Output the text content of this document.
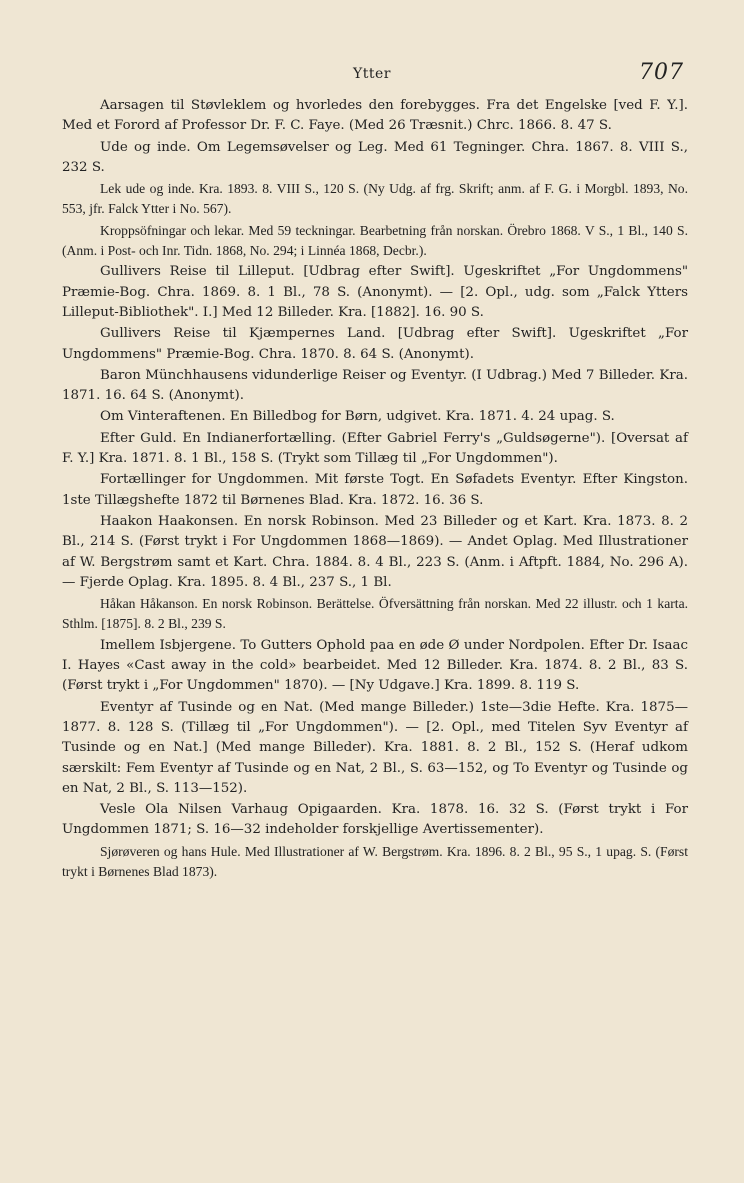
Ytter	707

Aarsagen til Støvleklem og hvorledes den forebygges. Fra det Engelske [ved F. Y.]. Med et Forord af Professor Dr. F. C. Faye. (Med 26 Træsnit.) Chrc. 1866. 8. 47 S.

Ude og inde. Om Legemsøvelser og Leg. Med 61 Tegninger. Chra. 1867. 8. VIII S., 232 S.

Lek ude og inde. Kra. 1893. 8. VIII S., 120 S. (Ny Udg. af frg. Skrift; anm. af F. G. i Morgbl. 1893, No. 553, jfr. Falck Ytter i No. 567).

Kroppsöfningar och lekar. Med 59 teckningar. Bearbetning från norskan. Örebro 1868. V S., 1 Bl., 140 S. (Anm. i Post- och Inr. Tidn. 1868, No. 294; i Linnéa 1868, Decbr.).

Gullivers Reise til Lilleput. [Udbrag efter Swift]. Ugeskriftet „For Ungdommens" Præmie-Bog. Chra. 1869. 8. 1 Bl., 78 S. (Anonymt). — [2. Opl., udg. som „Falck Ytters Lilleput-Bibliothek". I.] Med 12 Billeder. Kra. [1882]. 16. 90 S.

Gullivers Reise til Kjæmpernes Land. [Udbrag efter Swift]. Ugeskriftet „For Ungdommens" Præmie-Bog. Chra. 1870. 8. 64 S. (Anonymt).

Baron Münchhausens vidunderlige Reiser og Eventyr. (I Udbrag.) Med 7 Billeder. Kra. 1871. 16. 64 S. (Anonymt).

Om Vinteraftenen. En Billedbog for Børn, udgivet. Kra. 1871. 4. 24 upag. S.

Efter Guld. En Indianerfortælling. (Efter Gabriel Ferry's „Guldsøgerne"). [Oversat af F. Y.] Kra. 1871. 8. 1 Bl., 158 S. (Trykt som Tillæg til „For Ungdommen").

Fortællinger for Ungdommen. Mit første Togt. En Søfadets Eventyr. Efter Kingston. 1ste Tillægshefte 1872 til Børnenes Blad. Kra. 1872. 16. 36 S.

Haakon Haakonsen. En norsk Robinson. Med 23 Billeder og et Kart. Kra. 1873. 8. 2 Bl., 214 S. (Først trykt i For Ungdommen 1868—1869). — Andet Oplag. Med Illustrationer af W. Bergstrøm samt et Kart. Chra. 1884. 8. 4 Bl., 223 S. (Anm. i Aftpft. 1884, No. 296 A). — Fjerde Oplag. Kra. 1895. 8. 4 Bl., 237 S., 1 Bl.

Håkan Håkanson. En norsk Robinson. Berättelse. Öfversättning från norskan. Med 22 illustr. och 1 karta. Sthlm. [1875]. 8. 2 Bl., 239 S.

Imellem Isbjergene. To Gutters Ophold paa en øde Ø under Nordpolen. Efter Dr. Isaac I. Hayes «Cast away in the cold» bearbeidet. Med 12 Billeder. Kra. 1874. 8. 2 Bl., 83 S. (Først trykt i „For Ungdommen" 1870). — [Ny Udgave.] Kra. 1899. 8. 119 S.

Eventyr af Tusinde og en Nat. (Med mange Billeder.) 1ste—3die Hefte. Kra. 1875—1877. 8. 128 S. (Tillæg til „For Ungdommen"). — [2. Opl., med Titelen Syv Eventyr af Tusinde og en Nat.] (Med mange Billeder). Kra. 1881. 8. 2 Bl., 152 S. (Heraf udkom særskilt: Fem Eventyr af Tusinde og en Nat, 2 Bl., S. 63—152, og To Eventyr og Tusinde og en Nat, 2 Bl., S. 113—152).

Vesle Ola Nilsen Varhaug Opigaarden. Kra. 1878. 16. 32 S. (Først trykt i For Ungdommen 1871; S. 16—32 indeholder forskjellige Avertissementer).

Sjørøveren og hans Hule. Med Illustrationer af W. Bergstrøm. Kra. 1896. 8. 2 Bl., 95 S., 1 upag. S. (Først trykt i Børnenes Blad 1873).
